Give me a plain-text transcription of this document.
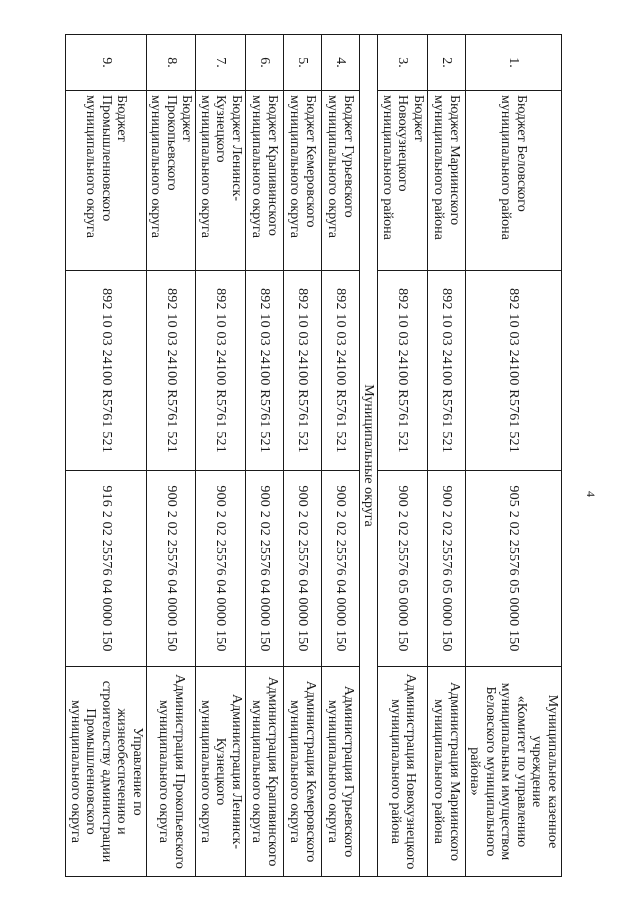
4
1.	Бюджет Беловского
муниципального района	892 10 03 24100 R5761 521	905 2 02 25576 05 0000 150	Муниципальное казенное учреждение
«Комитет по управлению
муниципальным имуществом
Беловского муниципального района»

2.	Бюджет Мариинского
муниципального района	892 10 03 24100 R5761 521	900 2 02 25576 05 0000 150	Администрация Мариинского
муниципального района

3.	Бюджет
Новокузнецкого
муниципального района	892 10 03 24100 R5761 521	900 2 02 25576 05 0000 150	Администрация Новокузнецкого
муниципального района

Муниципальные округа				
4.	Бюджет Гурьевского
муниципального округа	892 10 03 24100 R5761 521	900 2 02 25576 04 0000 150	Администрация Гурьевского
муниципального округа

5.	Бюджет Кемеровского
муниципального округа	892 10 03 24100 R5761 521	900 2 02 25576 04 0000 150	Администрация Кемеровского
муниципального округа

6.	Бюджет Крапивинского
муниципального округа	892 10 03 24100 R5761 521	900 2 02 25576 04 0000 150	Администрация Крапивинского
муниципального округа

7.	Бюджет Ленинск-
Кузнецкого
муниципального округа	892 10 03 24100 R5761 521	900 2 02 25576 04 0000 150	Администрация Ленинск-Кузнецкого
муниципального округа

8.	Бюджет
Прокопьевского
муниципального округа	892 10 03 24100 R5761 521	900 2 02 25576 04 0000 150	Администрация Прокопьевского
муниципального округа

9.	Бюджет
Промышленновского
муниципального округа	892 10 03 24100 R5761 521	916 2 02 25576 04 0000 150	Управление по жизнеобеспечению и
строительству администрации
Промышленновского
муниципального округа
